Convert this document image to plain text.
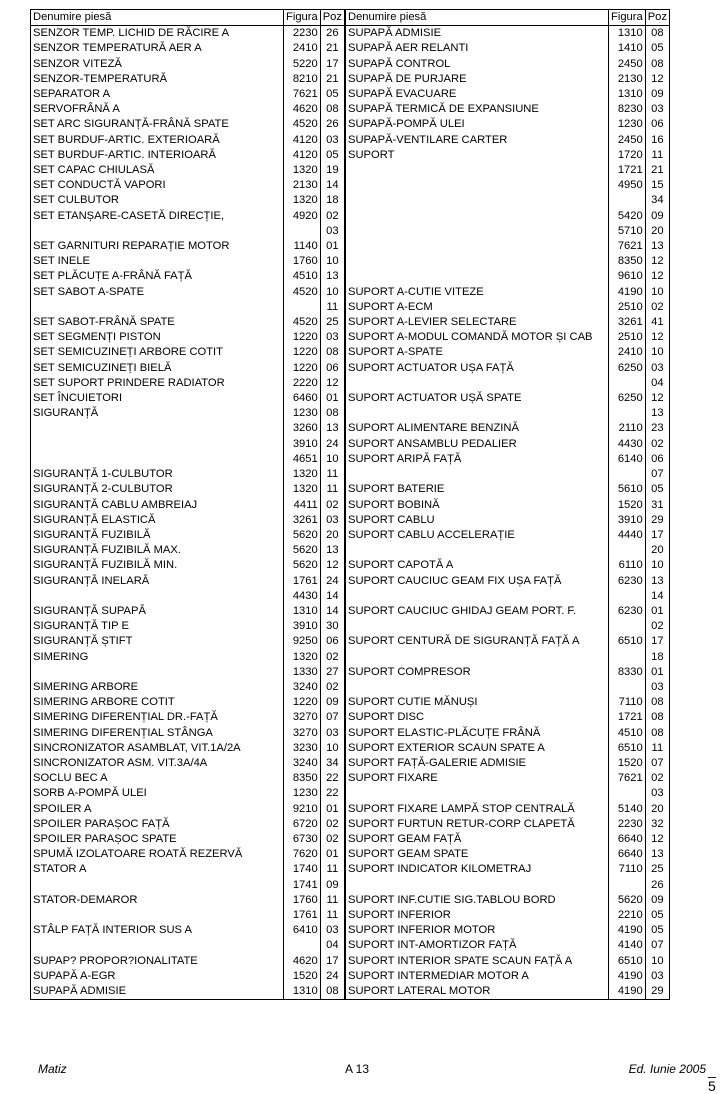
Denumire piesă	Figura	Poz	Denumire piesă	Figura	Poz
SENZOR TEMP. LICHID DE RĂCIRE A	2230	26	SUPAPĂ ADMISIE	1310	08
SENZOR TEMPERATURĂ AER A	2410	21	SUPAPĂ AER RELANTI	1410	05
SENZOR VITEZĂ	5220	17	SUPAPĂ CONTROL	2450	08
SENZOR-TEMPERATURĂ	8210	21	SUPAPĂ DE PURJARE	2130	12
SEPARATOR A	7621	05	SUPAPĂ EVACUARE	1310	09
SERVOFRÂNĂ A	4620	08	SUPAPĂ TERMICĂ DE EXPANSIUNE	8230	03
SET ARC SIGURANȚĂ-FRÂNĂ SPATE	4520	26	SUPAPĂ-POMPĂ ULEI	1230	06
SET BURDUF-ARTIC. EXTERIOARĂ	4120	03	SUPAPĂ-VENTILARE CARTER	2450	16
SET BURDUF-ARTIC. INTERIOARĂ	4120	05	SUPORT	1720	11
SET CAPAC CHIULASĂ	1320	19		1721	21
SET CONDUCTĂ VAPORI	2130	14		4950	15
SET CULBUTOR	1320	18			34
SET ETANȘARE-CASETĂ DIRECȚIE,	4920	02		5420	09
		03		5710	20
SET GARNITURI REPARAȚIE MOTOR	1140	01		7621	13
SET INELE	1760	10		8350	12
SET PLĂCUȚE A-FRÂNĂ FAȚĂ	4510	13		9610	12
SET SABOT A-SPATE	4520	10	SUPORT A-CUTIE VITEZE	4190	10
		11	SUPORT A-ECM	2510	02
SET SABOT-FRÂNĂ SPATE	4520	25	SUPORT A-LEVIER SELECTARE	3261	41
SET SEGMENȚI PISTON	1220	03	SUPORT A-MODUL COMANDĂ MOTOR ȘI CAB	2510	12
SET SEMICUZINEȚI ARBORE COTIT	1220	08	SUPORT A-SPATE	2410	10
SET SEMICUZINEȚI BIELĂ	1220	06	SUPORT ACTUATOR UȘA FAȚĂ	6250	03
SET SUPORT PRINDERE RADIATOR	2220	12			04
SET ÎNCUIETORI	6460	01	SUPORT ACTUATOR UȘĂ SPATE	6250	12
SIGURANȚĂ	1230	08			13
	3260	13	SUPORT ALIMENTARE BENZINĂ	2110	23
	3910	24	SUPORT ANSAMBLU PEDALIER	4430	02
	4651	10	SUPORT ARIPĂ FAȚĂ	6140	06
SIGURANȚĂ 1-CULBUTOR	1320	11			07
SIGURANȚĂ 2-CULBUTOR	1320	11	SUPORT BATERIE	5610	05
SIGURANȚĂ CABLU AMBREIAJ	4411	02	SUPORT BOBINĂ	1520	31
SIGURANȚĂ ELASTICĂ	3261	03	SUPORT CABLU	3910	29
SIGURANȚĂ FUZIBILĂ	5620	20	SUPORT CABLU ACCELERAȚIE	4440	17
SIGURANȚĂ FUZIBILĂ MAX.	5620	13			20
SIGURANȚĂ FUZIBILĂ MIN.	5620	12	SUPORT CAPOTĂ A	6110	10
SIGURANȚĂ INELARĂ	1761	24	SUPORT CAUCIUC GEAM FIX UȘA FAȚĂ	6230	13
	4430	14			14
SIGURANȚĂ SUPAPĂ	1310	14	SUPORT CAUCIUC GHIDAJ GEAM PORT. F.	6230	01
SIGURANȚĂ TIP E	3910	30			02
SIGURANȚĂ ȘTIFT	9250	06	SUPORT CENTURĂ DE SIGURANȚĂ FAȚĂ A	6510	17
SIMERING	1320	02			18
	1330	27	SUPORT COMPRESOR	8330	01
SIMERING ARBORE	3240	02			03
SIMERING ARBORE COTIT	1220	09	SUPORT CUTIE MĂNUȘI	7110	08
SIMERING DIFERENȚIAL DR.-FAȚĂ	3270	07	SUPORT DISC	1721	08
SIMERING DIFERENȚIAL STÂNGA	3270	03	SUPORT ELASTIC-PLĂCUȚE FRÂNĂ	4510	08
SINCRONIZATOR ASAMBLAT, VIT.1A/2A	3230	10	SUPORT EXTERIOR SCAUN SPATE A	6510	11
SINCRONIZATOR ASM. VIT.3A/4A	3240	34	SUPORT FAȚĂ-GALERIE ADMISIE	1520	07
SOCLU BEC A	8350	22	SUPORT FIXARE	7621	02
SORB A-POMPĂ ULEI	1230	22			03
SPOILER A	9210	01	SUPORT FIXARE LAMPĂ STOP CENTRALĂ	5140	20
SPOILER PARAȘOC FAȚĂ	6720	02	SUPORT FURTUN RETUR-CORP CLAPETĂ	2230	32
SPOILER PARAȘOC SPATE	6730	02	SUPORT GEAM FAȚĂ	6640	12
SPUMĂ IZOLATOARE ROATĂ REZERVĂ	7620	01	SUPORT GEAM SPATE	6640	13
STATOR A	1740	11	SUPORT INDICATOR KILOMETRAJ	7110	25
	1741	09			26
STATOR-DEMAROR	1760	11	SUPORT INF.CUTIE SIG.TABLOU BORD	5620	09
	1761	11	SUPORT INFERIOR	2210	05
STÂLP FAȚĂ INTERIOR SUS A	6410	03	SUPORT INFERIOR MOTOR	4190	05
		04	SUPORT INT-AMORTIZOR FAȚĂ	4140	07
SUPAP? PROPOR?IONALITATE	4620	17	SUPORT INTERIOR SPATE SCAUN FAȚĂ A	6510	10
SUPAPĂ A-EGR	1520	24	SUPORT INTERMEDIAR MOTOR A	4190	03
SUPAPĂ ADMISIE	1310	08	SUPORT LATERAL MOTOR	4190	29
Matiz	A 13	Ed. Iunie 2005 _ 5
